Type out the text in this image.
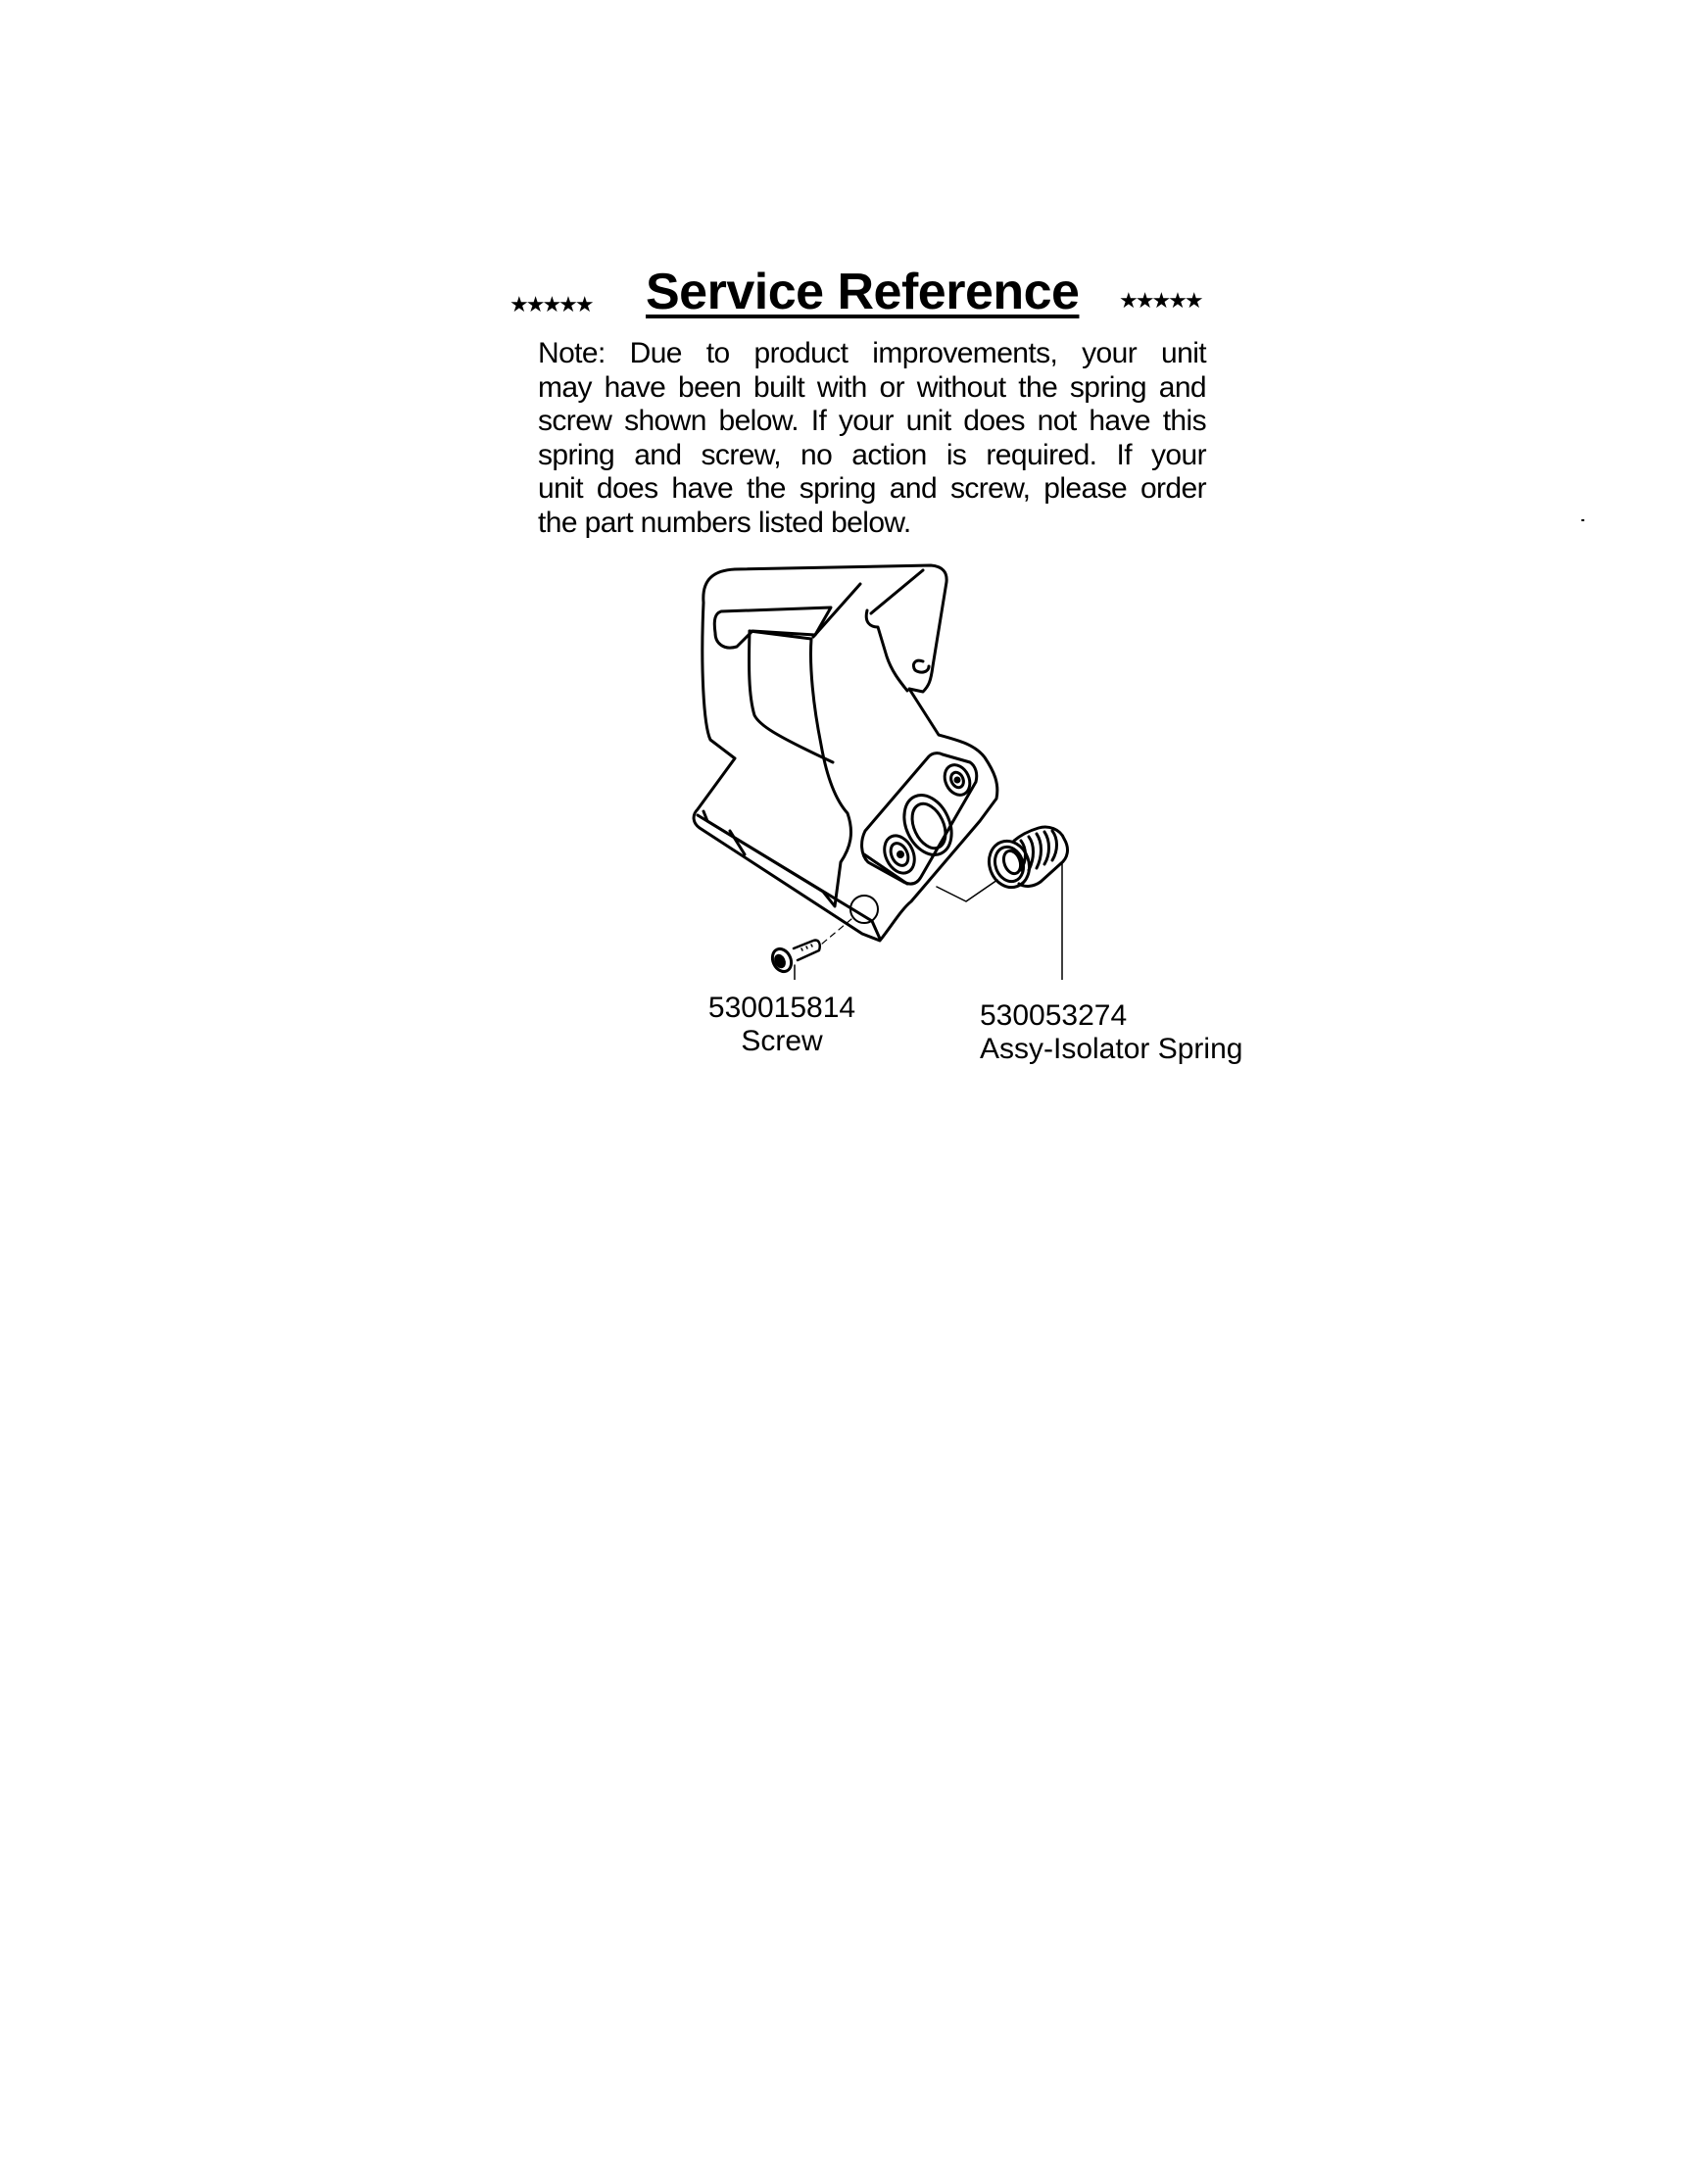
★★★★★ Service Reference ★★★★★
Note: Due to product improvements, your unit
may have been built with or without the spring and
screw shown below. If your unit does not have this
spring and screw, no action is required. If your
unit does have the spring and screw, please order
the part numbers listed below.
530015814
Screw
530053274
Assy-Isolator Spring
